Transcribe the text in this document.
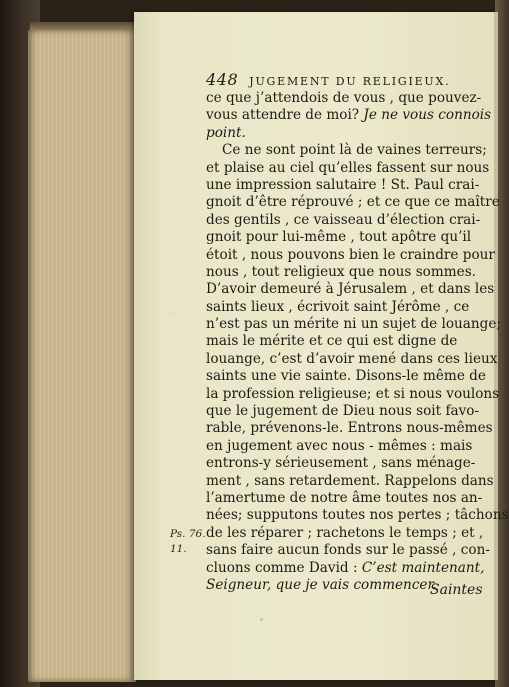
.:
448 JUGEMENT DU RELIGIEUX.
ce que j’attendois de vous , que pouvez-
vous attendre de moi? Je ne vous connois
point.
Ce ne sont point là de vaines terreurs;
et plaise au ciel qu’elles fassent sur nous
une impression salutaire ! St. Paul crai-
gnoit d’être réprouvé ; et ce que ce maître
des gentils , ce vaisseau d’élection crai-
gnoit pour lui-même , tout apôtre qu’il
étoit , nous pouvons bien le craindre pour
nous , tout religieux que nous sommes.
D’avoir demeuré à Jérusalem , et dans les
saints lieux , écrivoit saint Jérôme , ce
n’est pas un mérite ni un sujet de louange;
mais le mérite et ce qui est digne de
louange, c’est d’avoir mené dans ces lieux
saints une vie sainte. Disons-le même de
la profession religieuse; et si nous voulons
que le jugement de Dieu nous soit favo-
rable, prévenons-le. Entrons nous-mêmes
en jugement avec nous - mêmes : mais
entrons-y sérieusement , sans ménage-
ment , sans retardement. Rappelons dans
l’amertume de notre âme toutes nos an-
nées; supputons toutes nos pertes ; tâchons
de les réparer ; rachetons le temps ; et ,
sans faire aucun fonds sur le passé , con-
cluons comme David : C’est maintenant,
Seigneur, que je vais commencer.
Ps. 76.
11.
Saintes
